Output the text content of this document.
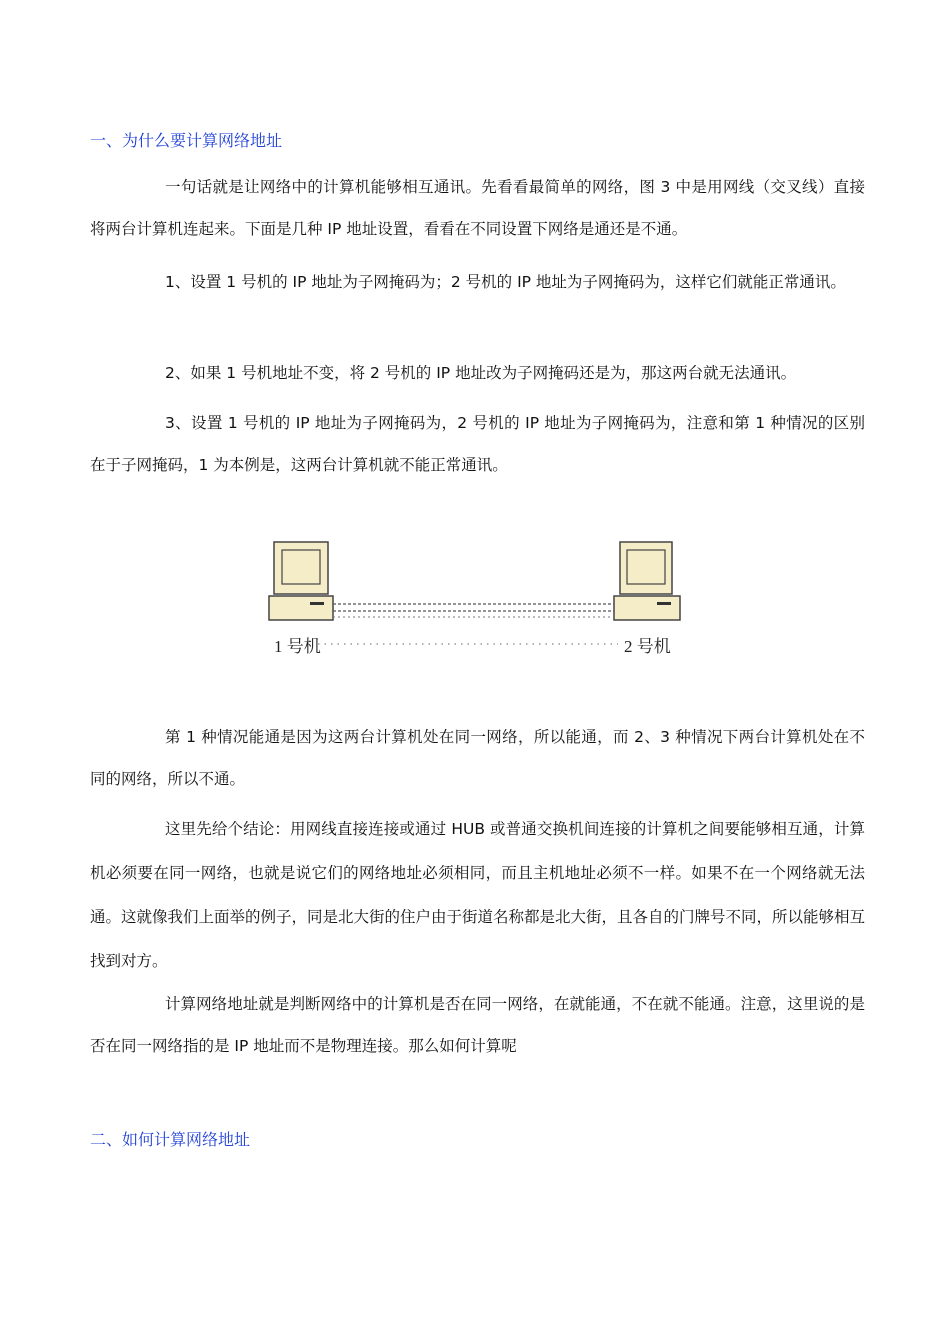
一、为什么要计算网络地址

一句话就是让网络中的计算机能够相互通讯。先看看最简单的网络，图 3 中是用网线（交叉线）直接将两台计算机连起来。下面是几种 IP 地址设置，看看在不同设置下网络是通还是不通。

1、设置 1 号机的 IP 地址为子网掩码为；2 号机的 IP 地址为子网掩码为，这样它们就能正常通讯。

2、如果 1 号机地址不变，将 2 号机的 IP 地址改为子网掩码还是为，那这两台就无法通讯。

3、设置 1 号机的 IP 地址为子网掩码为，2 号机的 IP 地址为子网掩码为，注意和第 1 种情况的区别在于子网掩码，1 为本例是，这两台计算机就不能正常通讯。

1 号机	2 号机

第 1 种情况能通是因为这两台计算机处在同一网络，所以能通，而 2、3 种情况下两台计算机处在不同的网络，所以不通。

这里先给个结论：用网线直接连接或通过 HUB 或普通交换机间连接的计算机之间要能够相互通，计算机必须要在同一网络，也就是说它们的网络地址必须相同，而且主机地址必须不一样。如果不在一个网络就无法通。这就像我们上面举的例子，同是北大街的住户由于街道名称都是北大街，且各自的门牌号不同，所以能够相互找到对方。

计算网络地址就是判断网络中的计算机是否在同一网络，在就能通，不在就不能通。注意，这里说的是否在同一网络指的是 IP 地址而不是物理连接。那么如何计算呢

二、如何计算网络地址
